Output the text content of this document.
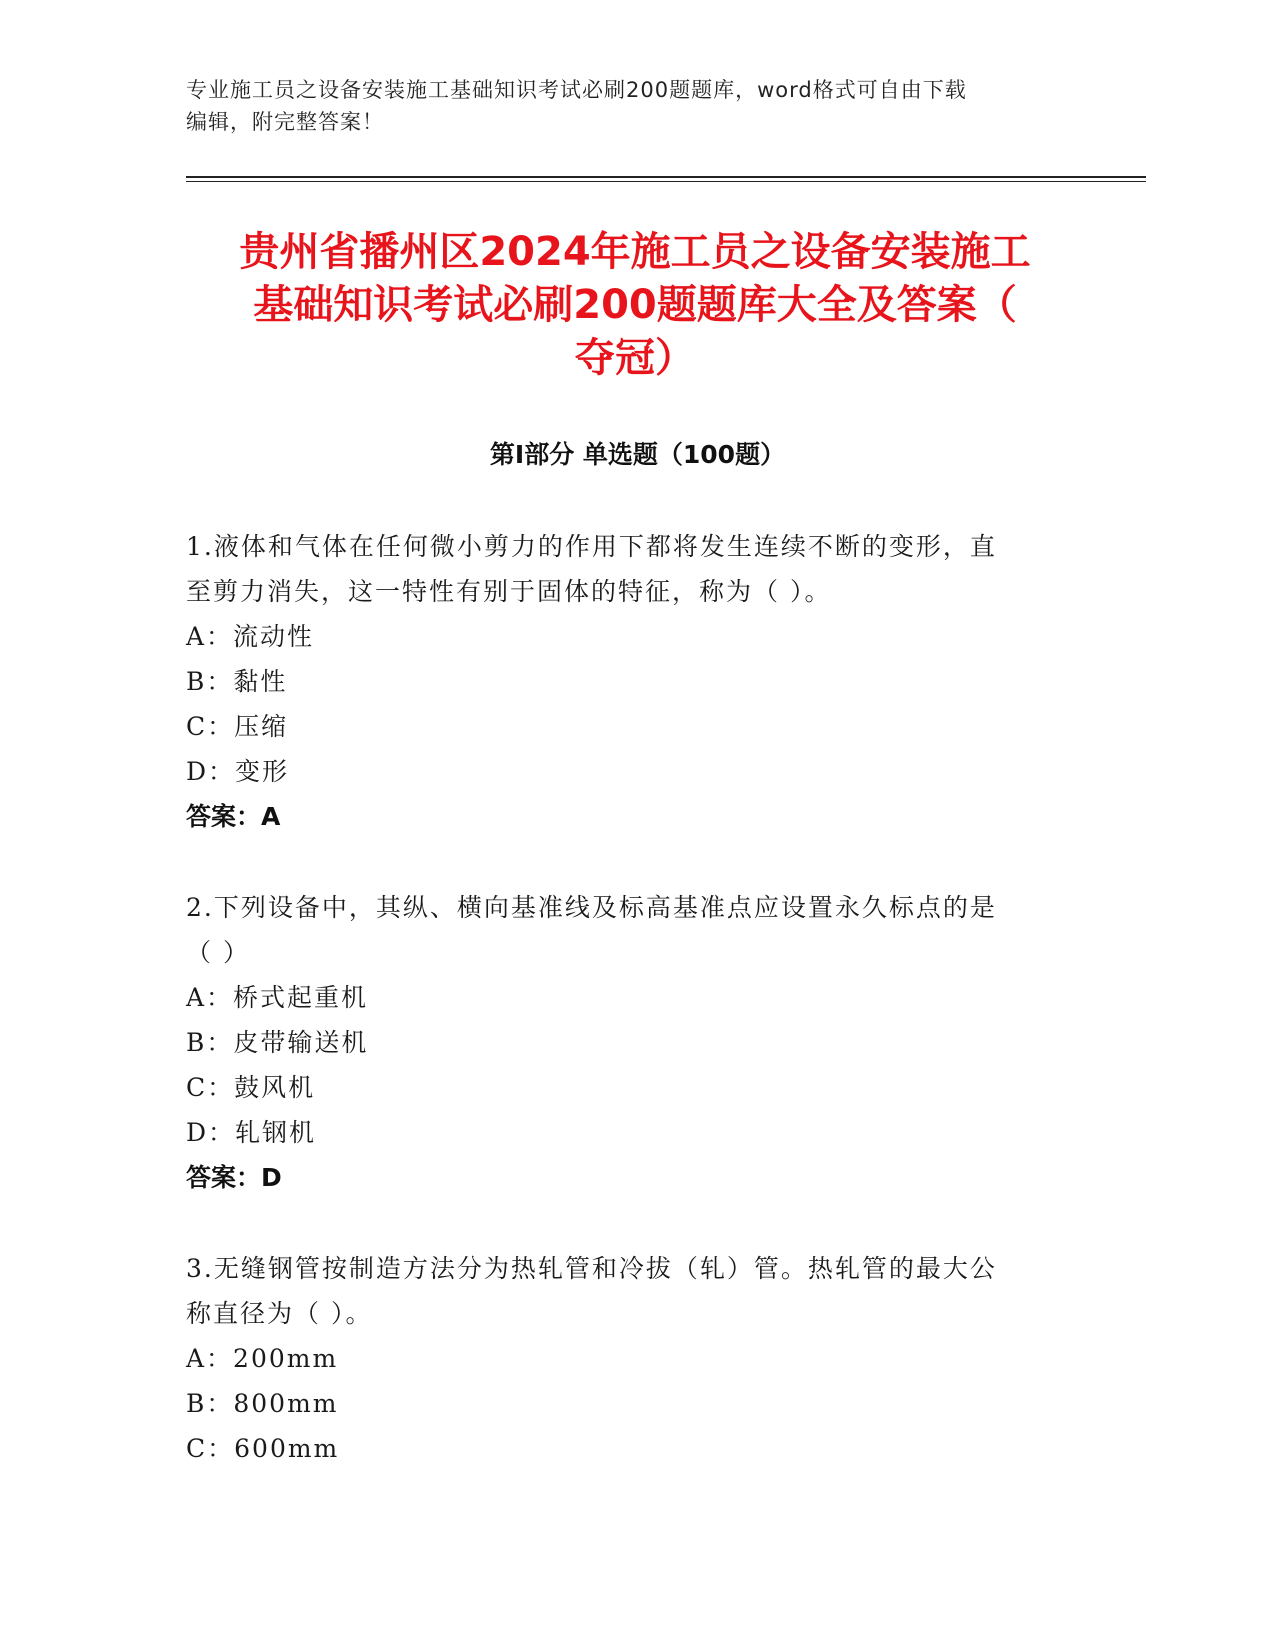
专业施工员之设备安装施工基础知识考试必刷200题题库，word格式可自由下载
编辑，附完整答案！
贵州省播州区2024年施工员之设备安装施工
基础知识考试必刷200题题库大全及答案（
夺冠）
第Ⅰ部分 单选题（100题）
1.液体和气体在任何微小剪力的作用下都将发生连续不断的变形，直
至剪力消失，这一特性有别于固体的特征，称为（ ）。
A：流动性
B：黏性
C：压缩
D：变形
答案：A
2.下列设备中，其纵、横向基准线及标高基准点应设置永久标点的是
（ ）
A：桥式起重机
B：皮带输送机
C：鼓风机
D：轧钢机
答案：D
3.无缝钢管按制造方法分为热轧管和冷拔（轧）管。热轧管的最大公
称直径为（ ）。
A：200mm
B：800mm
C：600mm
